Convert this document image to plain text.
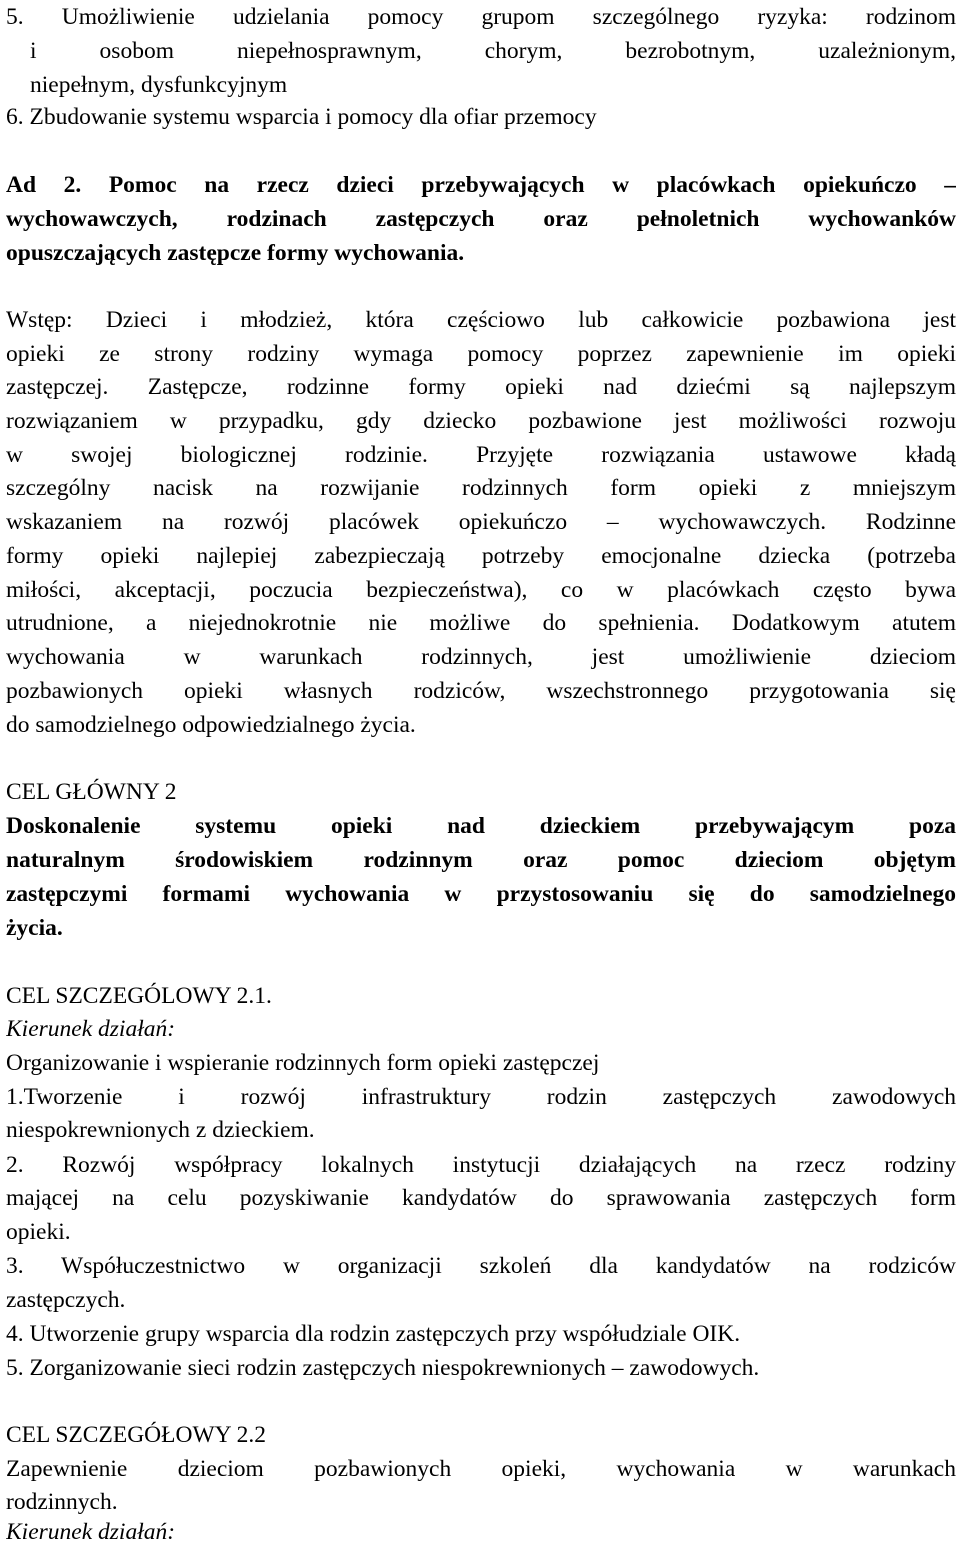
5. Umożliwienie udzielania pomocy grupom szczególnego ryzyka: rodzinom
i osobom niepełnosprawnym, chorym, bezrobotnym, uzależnionym,
niepełnym, dysfunkcyjnym
6. Zbudowanie systemu wsparcia i pomocy dla ofiar przemocy
Ad 2. Pomoc na rzecz dzieci przebywających w placówkach opiekuńczo –
wychowawczych, rodzinach zastępczych oraz pełnoletnich wychowanków
opuszczających zastępcze formy wychowania.
Wstęp: Dzieci i młodzież, która częściowo lub całkowicie pozbawiona jest
opieki ze strony rodziny wymaga pomocy poprzez zapewnienie im opieki
zastępczej. Zastępcze, rodzinne formy opieki nad dziećmi są najlepszym
rozwiązaniem w przypadku, gdy dziecko pozbawione jest możliwości rozwoju
w swojej biologicznej rodzinie. Przyjęte rozwiązania ustawowe kładą
szczególny nacisk na rozwijanie rodzinnych form opieki z mniejszym
wskazaniem na rozwój placówek opiekuńczo – wychowawczych. Rodzinne
formy opieki najlepiej zabezpieczają potrzeby emocjonalne dziecka (potrzeba
miłości, akceptacji, poczucia bezpieczeństwa), co w placówkach często bywa
utrudnione, a niejednokrotnie nie możliwe do spełnienia. Dodatkowym atutem
wychowania w warunkach rodzinnych, jest umożliwienie dzieciom
pozbawionych opieki własnych rodziców, wszechstronnego przygotowania się
do samodzielnego odpowiedzialnego życia.
CEL GŁÓWNY 2
Doskonalenie systemu opieki nad dzieckiem przebywającym poza
naturalnym środowiskiem rodzinnym oraz pomoc dzieciom objętym
zastępczymi formami wychowania w przystosowaniu się do samodzielnego
życia.
CEL SZCZEGÓLOWY 2.1.
Kierunek działań:
Organizowanie i wspieranie rodzinnych form opieki zastępczej
1.Tworzenie i rozwój infrastruktury rodzin zastępczych zawodowych
niespokrewnionych z dzieckiem.
2. Rozwój współpracy lokalnych instytucji działających na rzecz rodziny
mającej na celu pozyskiwanie kandydatów do sprawowania zastępczych form
opieki.
3. Współuczestnictwo w organizacji szkoleń dla kandydatów na rodziców
zastępczych.
4. Utworzenie grupy wsparcia dla rodzin zastępczych przy współudziale OIK.
5. Zorganizowanie sieci rodzin zastępczych niespokrewnionych – zawodowych.
CEL SZCZEGÓŁOWY 2.2
Zapewnienie dzieciom pozbawionych opieki, wychowania w warunkach
rodzinnych.
Kierunek działań:
